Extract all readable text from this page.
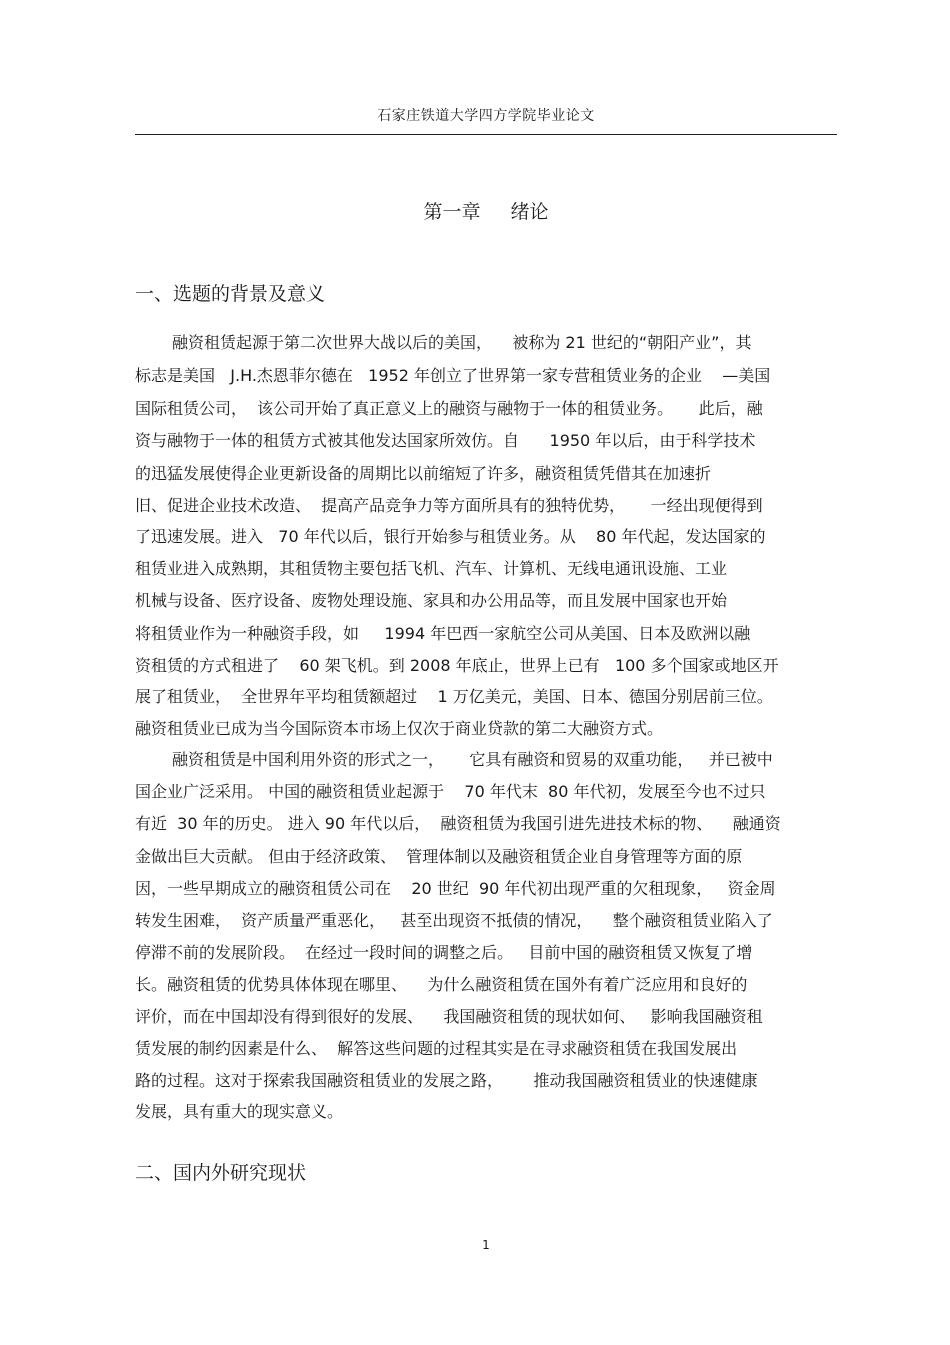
石家庄铁道大学四方学院毕业论文
第一章 绪论
一、选题的背景及意义
融资租赁起源于第二次世界大战以后的美国，    被称为 21 世纪的“朝阳产业”，其
标志是美国   J.H.杰恩菲尔德在   1952 年创立了世界第一家专营租赁业务的企业    —美国
国际租赁公司，  该公司开始了真正意义上的融资与融物于一体的租赁业务。     此后，融
资与融物于一体的租赁方式被其他发达国家所效仿。自      1950 年以后，由于科学技术
的迅猛发展使得企业更新设备的周期比以前缩短了许多，融资租赁凭借其在加速折
旧、促进企业技术改造、  提高产品竞争力等方面所具有的独特优势，     一经出现便得到
了迅速发展。进入   70 年代以后，银行开始参与租赁业务。从    80 年代起，发达国家的
租赁业进入成熟期，其租赁物主要包括飞机、汽车、计算机、无线电通讯设施、工业
机械与设备、医疗设备、废物处理设施、家具和办公用品等，而且发展中国家也开始
将租赁业作为一种融资手段，如     1994 年巴西一家航空公司从美国、日本及欧洲以融
资租赁的方式租进了    60 架飞机。到 2008 年底止，世界上已有   100 多个国家或地区开
展了租赁业，  全世界年平均租赁额超过    1 万亿美元，美国、日本、德国分别居前三位。
融资租赁业已成为当今国际资本市场上仅次于商业贷款的第二大融资方式。
融资租赁是中国利用外资的形式之一，     它具有融资和贸易的双重功能，   并已被中
国企业广泛采用。 中国的融资租赁业起源于    70 年代末  80 年代初，发展至今也不过只
有近  30 年的历史。 进入 90 年代以后，  融资租赁为我国引进先进技术标的物、    融通资
金做出巨大贡献。 但由于经济政策、  管理体制以及融资租赁企业自身管理等方面的原
因，一些早期成立的融资租赁公司在    20 世纪  90 年代初出现严重的欠租现象，   资金周
转发生困难，  资产质量严重恶化，   甚至出现资不抵债的情况，    整个融资租赁业陷入了
停滞不前的发展阶段。  在经过一段时间的调整之后。   目前中国的融资租赁又恢复了增
长。融资租赁的优势具体体现在哪里、    为什么融资租赁在国外有着广泛应用和良好的
评价，而在中国却没有得到很好的发展、    我国融资租赁的现状如何、   影响我国融资租
赁发展的制约因素是什么、  解答这些问题的过程其实是在寻求融资租赁在我国发展出
路的过程。这对于探索我国融资租赁业的发展之路，      推动我国融资租赁业的快速健康
发展，具有重大的现实意义。
二、国内外研究现状
1
